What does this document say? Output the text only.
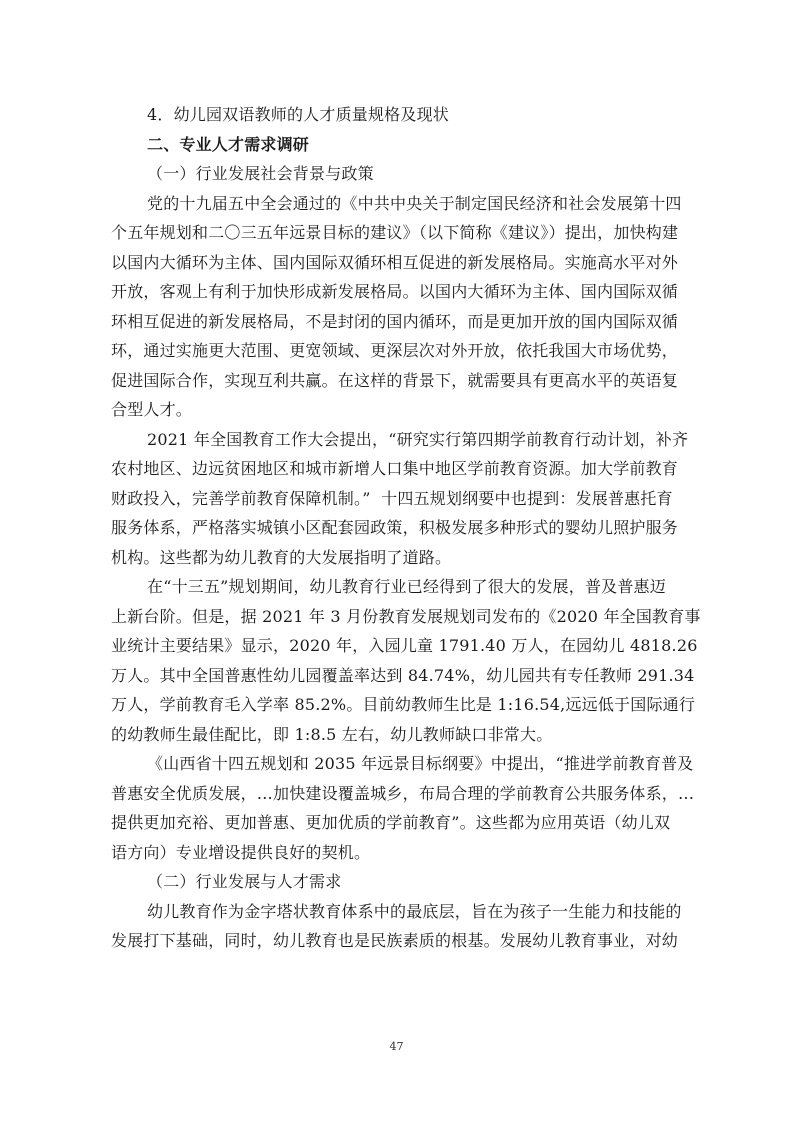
4．幼儿园双语教师的人才质量规格及现状
二、专业人才需求调研
（一）行业发展社会背景与政策
党的十九届五中全会通过的《中共中央关于制定国民经济和社会发展第十四
个五年规划和二〇三五年远景目标的建议》（以下简称《建议》）提出，加快构建
以国内大循环为主体、国内国际双循环相互促进的新发展格局。实施高水平对外
开放，客观上有利于加快形成新发展格局。以国内大循环为主体、国内国际双循
环相互促进的新发展格局，不是封闭的国内循环，而是更加开放的国内国际双循
环，通过实施更大范围、更宽领域、更深层次对外开放，依托我国大市场优势，
促进国际合作，实现互利共赢。在这样的背景下，就需要具有更高水平的英语复
合型人才。
2021 年全国教育工作大会提出，“研究实行第四期学前教育行动计划，补齐
农村地区、边远贫困地区和城市新增人口集中地区学前教育资源。加大学前教育
财政投入，完善学前教育保障机制。”  十四五规划纲要中也提到：发展普惠托育
服务体系，严格落实城镇小区配套园政策，积极发展多种形式的婴幼儿照护服务
机构。这些都为幼儿教育的大发展指明了道路。
在“十三五”规划期间，幼儿教育行业已经得到了很大的发展，普及普惠迈
上新台阶。但是，据 2021 年 3 月份教育发展规划司发布的《2020 年全国教育事
业统计主要结果》显示，2020 年，入园儿童 1791.40 万人，在园幼儿 4818.26
万人。其中全国普惠性幼儿园覆盖率达到 84.74%，幼儿园共有专任教师 291.34
万人，学前教育毛入学率 85.2%。目前幼教师生比是 1:16.54,远远低于国际通行
的幼教师生最佳配比，即 1:8.5 左右，幼儿教师缺口非常大。
《山西省十四五规划和 2035 年远景目标纲要》中提出，“推进学前教育普及
普惠安全优质发展，…加快建设覆盖城乡，布局合理的学前教育公共服务体系，…
提供更加充裕、更加普惠、更加优质的学前教育”。这些都为应用英语（幼儿双
语方向）专业增设提供良好的契机。
（二）行业发展与人才需求
幼儿教育作为金字塔状教育体系中的最底层，旨在为孩子一生能力和技能的
发展打下基础，同时，幼儿教育也是民族素质的根基。发展幼儿教育事业，对幼
47
